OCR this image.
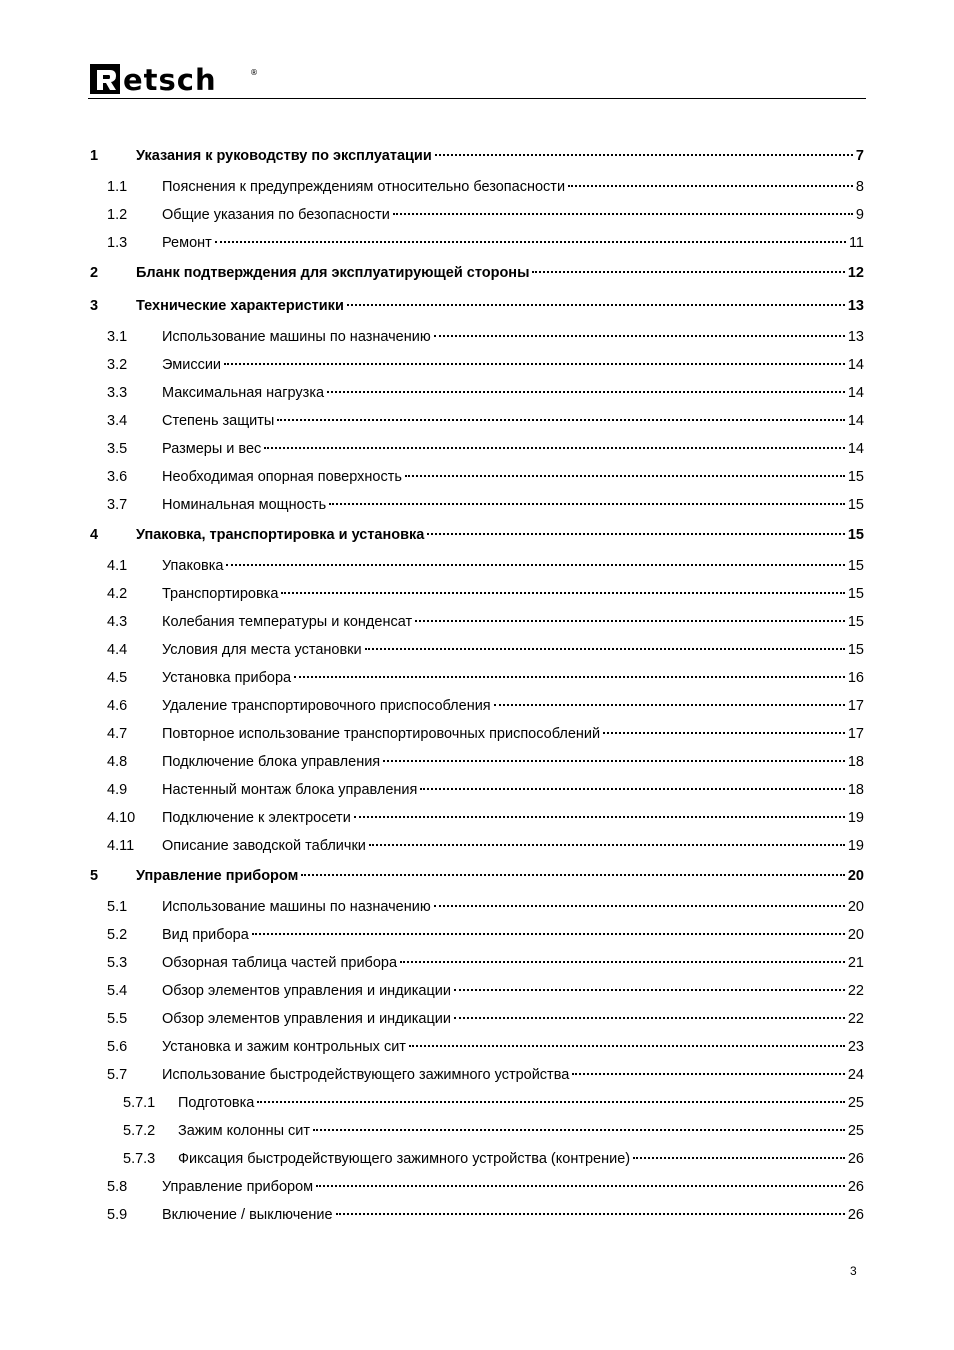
etsch	®
1	Указания к руководству по эксплуатации	7
1.1	Пояснения к предупреждениям относительно безопасности	8
1.2	Общие указания по безопасности	9
1.3	Ремонт	11
2	Бланк подтверждения для эксплуатирующей стороны	12
3	Технические характеристики	13
3.1	Использование машины по назначению	13
3.2	Эмиссии	14
3.3	Максимальная нагрузка	14
3.4	Степень защиты	14
3.5	Размеры и вес	14
3.6	Необходимая опорная поверхность	15
3.7	Номинальная мощность	15
4	Упаковка, транспортировка и установка	15
4.1	Упаковка	15
4.2	Транспортировка	15
4.3	Колебания температуры и конденсат	15
4.4	Условия для места установки	15
4.5	Установка прибора	16
4.6	Удаление транспортировочного приспособления	17
4.7	Повторное использование транспортировочных приспособлений	17
4.8	Подключение блока управления	18
4.9	Настенный монтаж блока управления	18
4.10	Подключение к электросети	19
4.11	Описание заводской таблички	19
5	Управление прибором	20
5.1	Использование машины по назначению	20
5.2	Вид прибора	20
5.3	Обзорная таблица частей прибора	21
5.4	Обзор элементов управления и индикации	22
5.5	Обзор элементов управления и индикации	22
5.6	Установка и зажим контрольных сит	23
5.7	Использование быстродействующего зажимного устройства	24
5.7.1	Подготовка	25
5.7.2	Зажим колонны сит	25
5.7.3	Фиксация быстродействующего зажимного устройства (контрение)	26
5.8	Управление прибором	26
5.9	Включение / выключение	26
3
